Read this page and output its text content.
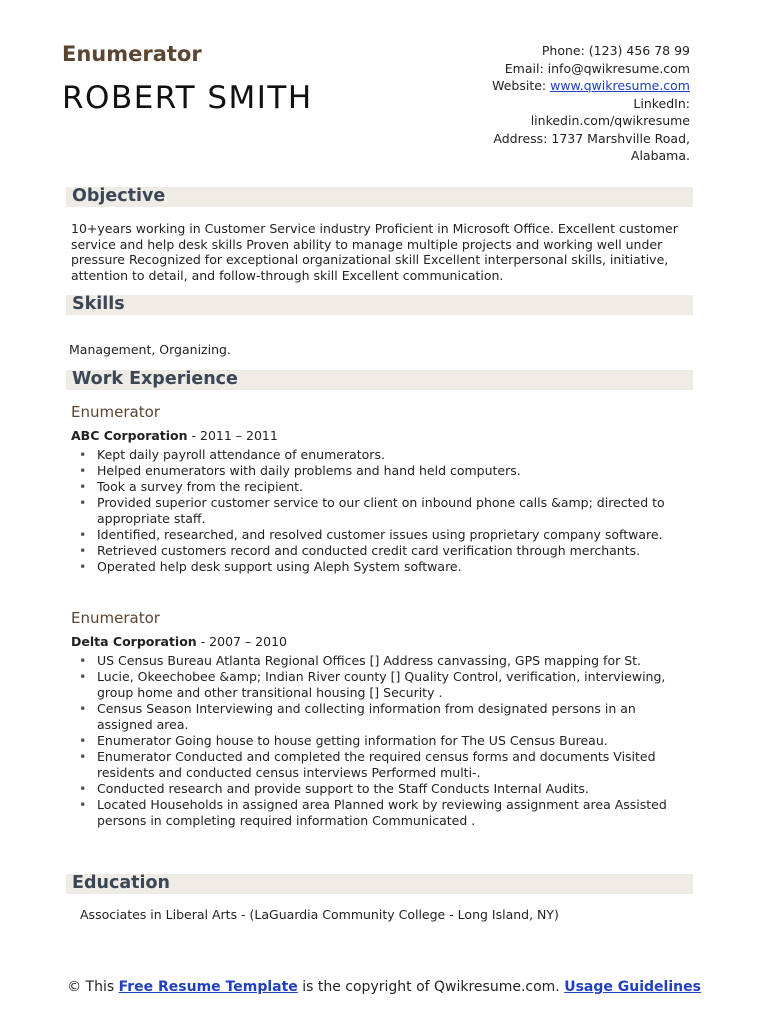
Enumerator
ROBERT SMITH
Phone: (123) 456 78 99
Email: info@qwikresume.com
Website: www.qwikresume.com
LinkedIn:
linkedin.com/qwikresume
Address: 1737 Marshville Road,
Alabama.
Objective
10+years working in Customer Service industry Proficient in Microsoft Office. Excellent customer service and help desk skills Proven ability to manage multiple projects and working well under pressure Recognized for exceptional organizational skill Excellent interpersonal skills, initiative, attention to detail, and follow-through skill Excellent communication.
Skills
Management, Organizing.
Work Experience
Enumerator
ABC Corporation - 2011 – 2011
• Kept daily payroll attendance of enumerators.
• Helped enumerators with daily problems and hand held computers.
• Took a survey from the recipient.
• Provided superior customer service to our client on inbound phone calls &amp; directed to appropriate staff.
• Identified, researched, and resolved customer issues using proprietary company software.
• Retrieved customers record and conducted credit card verification through merchants.
• Operated help desk support using Aleph System software.
Enumerator
Delta Corporation - 2007 – 2010
• US Census Bureau Atlanta Regional Offices [] Address canvassing, GPS mapping for St.
• Lucie, Okeechobee &amp; Indian River county [] Quality Control, verification, interviewing, group home and other transitional housing [] Security .
• Census Season Interviewing and collecting information from designated persons in an assigned area.
• Enumerator Going house to house getting information for The US Census Bureau.
• Enumerator Conducted and completed the required census forms and documents Visited residents and conducted census interviews Performed multi-.
• Conducted research and provide support to the Staff Conducts Internal Audits.
• Located Households in assigned area Planned work by reviewing assignment area Assisted persons in completing required information Communicated .
Education
Associates in Liberal Arts - (LaGuardia Community College - Long Island, NY)
© This Free Resume Template is the copyright of Qwikresume.com. Usage Guidelines
